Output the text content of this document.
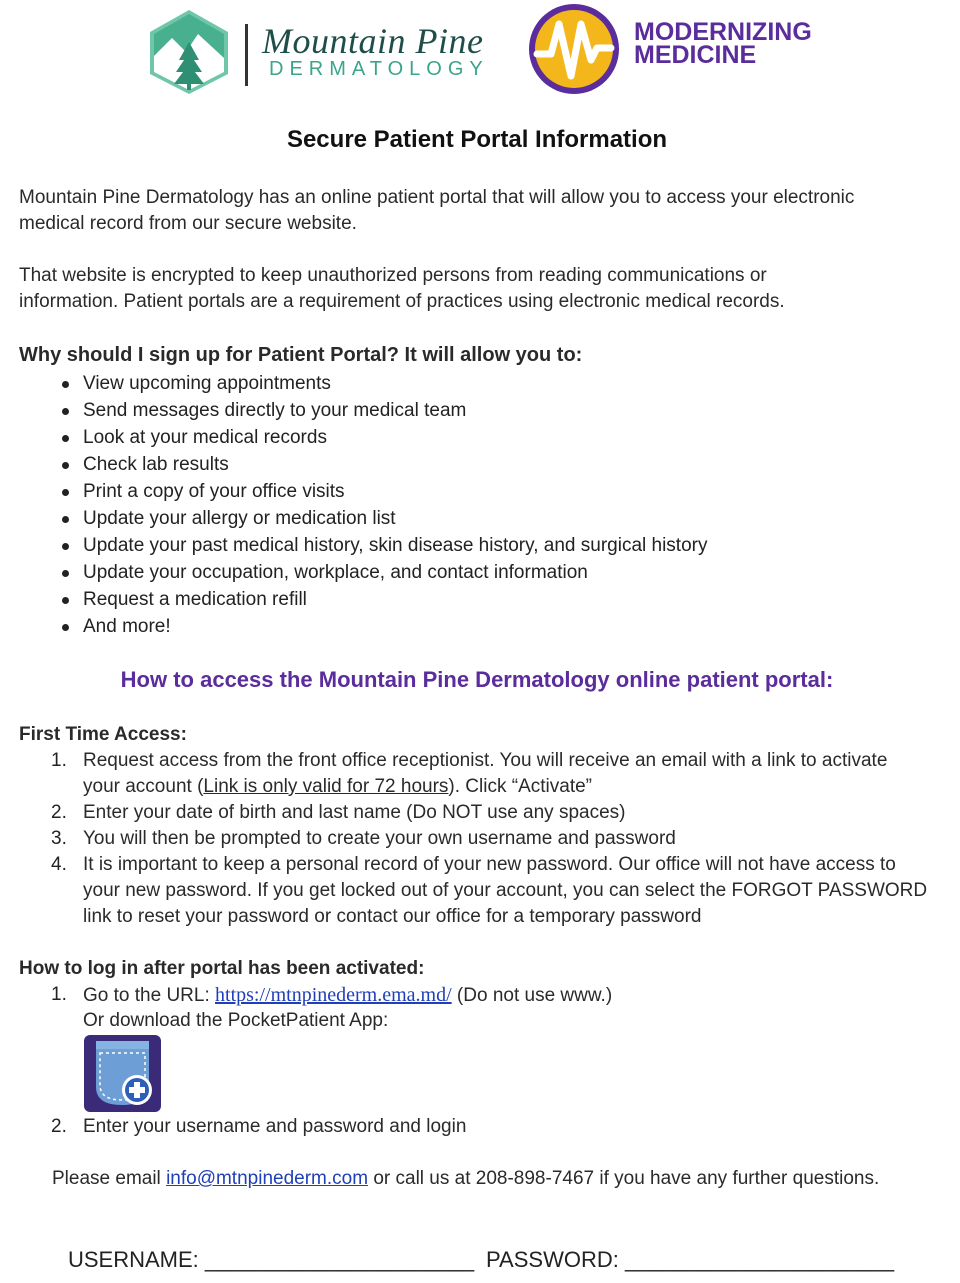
Mountain Pine
DERMATOLOGY
MODERNIZING
MEDICINE
Secure Patient Portal Information
Mountain Pine Dermatology has an online patient portal that will allow you to access your electronic
medical record from our secure website.
That website is encrypted to keep unauthorized persons from reading communications or
information. Patient portals are a requirement of practices using electronic medical records.
Why should I sign up for Patient Portal? It will allow you to:
View upcoming appointments
Send messages directly to your medical team
Look at your medical records
Check lab results
Print a copy of your office visits
Update your allergy or medication list
Update your past medical history, skin disease history, and surgical history
Update your occupation, workplace, and contact information
Request a medication refill
And more!
How to access the Mountain Pine Dermatology online patient portal:
First Time Access:
1. Request access from the front office receptionist. You will receive an email with a link to activate
your account (Link is only valid for 72 hours). Click “Activate”
2. Enter your date of birth and last name (Do NOT use any spaces)
3. You will then be prompted to create your own username and password
4. It is important to keep a personal record of your new password. Our office will not have access to
your new password. If you get locked out of your account, you can select the FORGOT PASSWORD
link to reset your password or contact our office for a temporary password
How to log in after portal has been activated:
1. Go to the URL: https://mtnpinederm.ema.md/ (Do not use www.)
Or download the PocketPatient App:
2. Enter your username and password and login
Please email info@mtnpinederm.com or call us at 208-898-7467 if you have any further questions.
USERNAME: ______________________ PASSWORD: ______________________
